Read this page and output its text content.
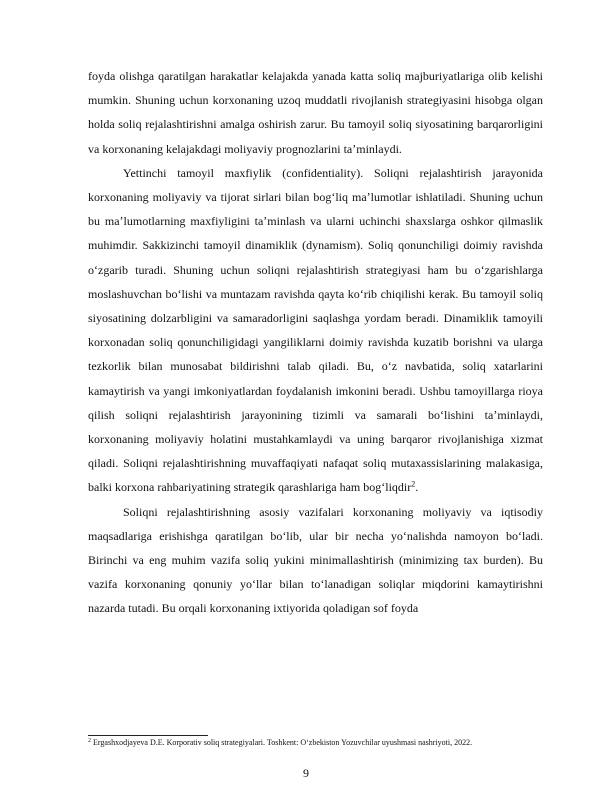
foyda olishga qaratilgan harakatlar kelajakda yanada katta soliq majburiyatlariga olib kelishi mumkin. Shuning uchun korxonaning uzoq muddatli rivojlanish strategiyasini hisobga olgan holda soliq rejalashtirishni amalga oshirish zarur. Bu tamoyil soliq siyosatining barqarorligini va korxonaning kelajakdagi moliyaviy prognozlarini taʼminlaydi.

Yettinchi tamoyil maxfiylik (confidentiality). Soliqni rejalashtirish jarayonida korxonaning moliyaviy va tijorat sirlari bilan bogʻliq maʼlumotlar ishlatiladi. Shuning uchun bu maʼlumotlarning maxfiyligini taʼminlash va ularni uchinchi shaxslarga oshkor qilmaslik muhimdir. Sakkizinchi tamoyil dinamiklik (dynamism). Soliq qonunchiligi doimiy ravishda oʻzgarib turadi. Shuning uchun soliqni rejalashtirish strategiyasi ham bu oʻzgarishlarga moslashuvchan boʻlishi va muntazam ravishda qayta koʻrib chiqilishi kerak. Bu tamoyil soliq siyosatining dolzarbligini va samaradorligini saqlashga yordam beradi. Dinamiklik tamoyili korxonadan soliq qonunchiligidagi yangiliklarni doimiy ravishda kuzatib borishni va ularga tezkorlik bilan munosabat bildirishni talab qiladi. Bu, oʻz navbatida, soliq xatarlarini kamaytirish va yangi imkoniyatlardan foydalanish imkonini beradi. Ushbu tamoyillarga rioya qilish soliqni rejalashtirish jarayonining tizimli va samarali boʻlishini taʼminlaydi, korxonaning moliyaviy holatini mustahkamlaydi va uning barqaror rivojlanishiga xizmat qiladi. Soliqni rejalashtirishning muvaffaqiyati nafaqat soliq mutaxassislarining malakasiga, balki korxona rahbariyatining strategik qarashlariga ham bogʻliqdir$^2$.

Soliqni rejalashtirishning asosiy vazifalari korxonaning moliyaviy va iqtisodiy maqsadlariga erishishga qaratilgan boʻlib, ular bir necha yoʻnalishda namoyon boʻladi. Birinchi va eng muhim vazifa soliq yukini minimallashtirish (minimizing tax burden). Bu vazifa korxonaning qonuniy yoʻllar bilan toʻlanadigan soliqlar miqdorini kamaytirishni nazarda tutadi. Bu orqali korxonaning ixtiyorida qoladigan sof foyda

$^2$ Ergashxodjayeva D.E. Korporativ soliq strategiyalari. Toshkent: Oʻzbekiston Yozuvchilar uyushmasi nashriyoti, 2022.
9
